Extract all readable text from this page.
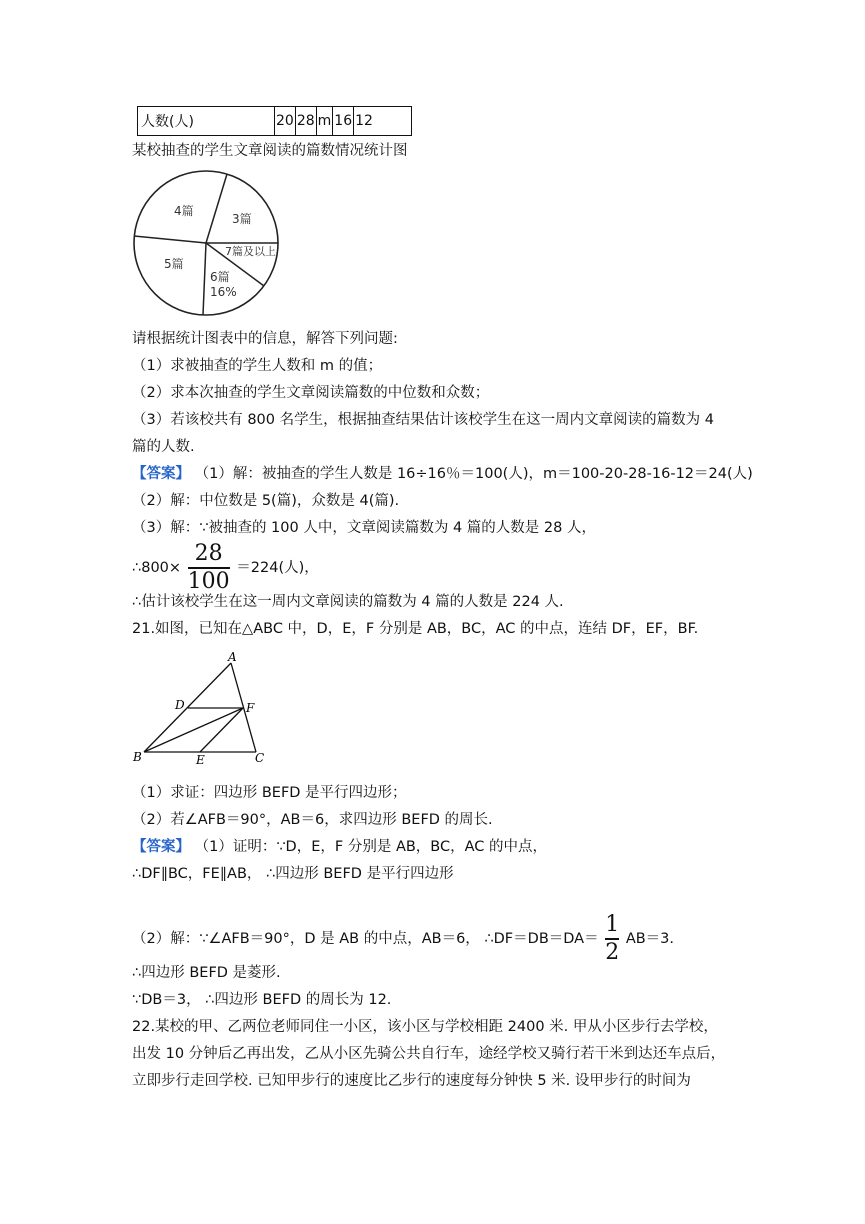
人数(人)	20	28	m	16	12
某校抽查的学生文章阅读的篇数情况统计图
4篇
3篇
7篇及以上
5篇
6篇
16%
请根据统计图表中的信息，解答下列问题:
（1）求被抽查的学生人数和 m 的值；
（2）求本次抽查的学生文章阅读篇数的中位数和众数；
（3）若该校共有 800 名学生，根据抽查结果估计该校学生在这一周内文章阅读的篇数为 4
篇的人数.
【答案】 （1）解：被抽查的学生人数是 16÷16％＝100(人)，m＝100-20-28-16-12＝24(人)
（2）解：中位数是 5(篇)，众数是 4(篇).
（3）解：∵被抽查的 100 人中，文章阅读篇数为 4 篇的人数是 28 人，
∴800× $\frac{28}{100} =224$(人)，
∴估计该校学生在这一周内文章阅读的篇数为 4 篇的人数是 224 人.
21.如图，已知在△ABC 中，D，E，F 分别是 AB，BC，AC 的中点，连结 DF，EF，BF.
A
B	C
D
E
F
（1）求证：四边形 BEFD 是平行四边形；
（2）若∠AFB＝90°，AB＝6，求四边形 BEFD 的周长.
【答案】 （1）证明：∵D，E，F 分别是 AB，BC，AC 的中点，
∴DF∥BC，FE∥AB， ∴四边形 BEFD 是平行四边形
（2）解：∵∠AFB＝90°，D 是 AB 的中点，AB＝6， ∴DF＝DB＝DA＝ $\frac{1}{2} AB=3$.
∴四边形 BEFD 是菱形.
∵DB＝3， ∴四边形 BEFD 的周长为 12.
22.某校的甲、乙两位老师同住一小区，该小区与学校相距 2400 米. 甲从小区步行去学校，
出发 10 分钟后乙再出发，乙从小区先骑公共自行车，途经学校又骑行若干米到达还车点后，
立即步行走回学校. 已知甲步行的速度比乙步行的速度每分钟快 5 米. 设甲步行的时间为
